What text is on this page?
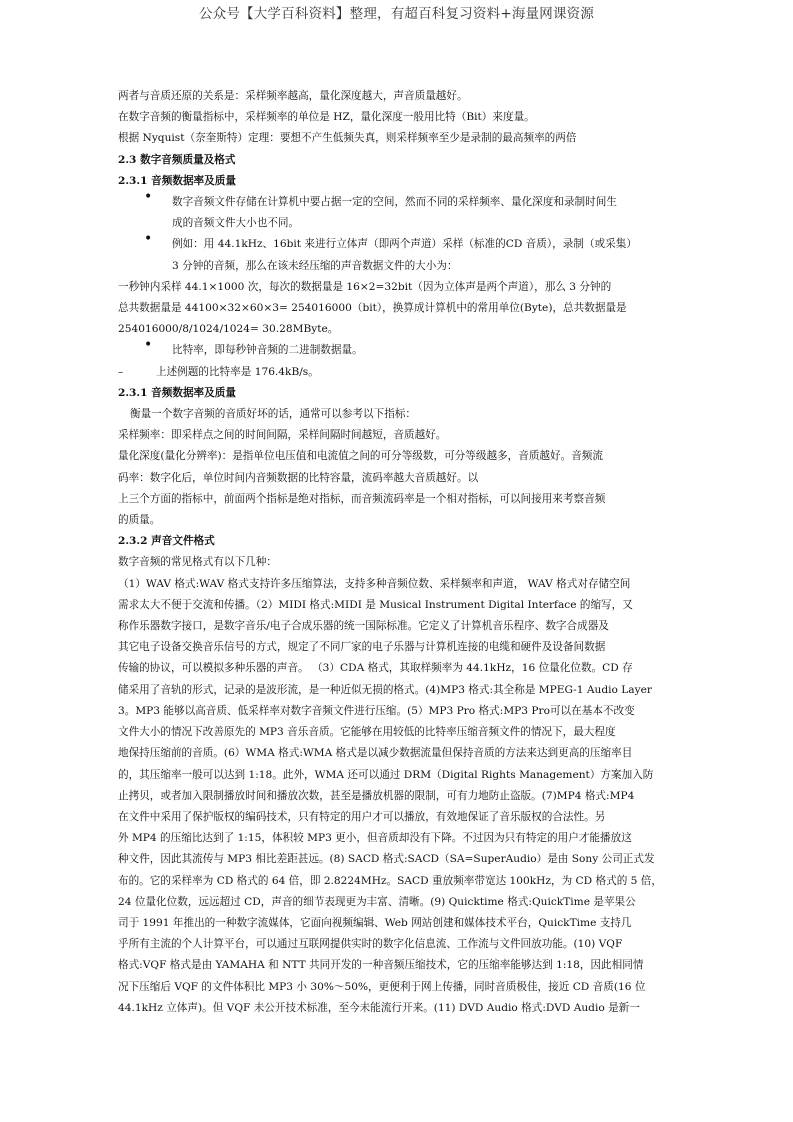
公众号【大学百科资料】整理，有超百科复习资料+海量网课资源
两者与音质还原的关系是：采样频率越高，量化深度越大，声音质量越好。
在数字音频的衡量指标中，采样频率的单位是 HZ，量化深度一般用比特（Bit）来度量。
根据 Nyquist（奈奎斯特）定理：要想不产生低频失真，则采样频率至少是录制的最高频率的两倍
2.3 数字音频质量及格式
2.3.1 音频数据率及质量
• 数字音频文件存储在计算机中要占据一定的空间，然而不同的采样频率、量化深度和录制时间生
成的音频文件大小也不同。
• 例如：用 44.1kHz、16bit 来进行立体声（即两个声道）采样（标准的CD 音质），录制（或采集）
3 分钟的音频，那么在该未经压缩的声音数据文件的大小为：
一秒钟内采样 44.1×1000 次，每次的数据量是 16×2=32bit（因为立体声是两个声道），那么 3 分钟的
总共数据量是 44100×32×60×3= 254016000（bit），换算成计算机中的常用单位(Byte)，总共数据量是
254016000/8/1024/1024= 30.28MByte。
• 比特率，即每秒钟音频的二进制数据量。
–	上述例题的比特率是 176.4kB/s。
2.3.1 音频数据率及质量
衡量一个数字音频的音质好坏的话，通常可以参考以下指标：
采样频率：即采样点之间的时间间隔，采样间隔时间越短，音质越好。
量化深度(量化分辨率)：是指单位电压值和电流值之间的可分等级数，可分等级越多，音质越好。音频流
码率：数字化后，单位时间内音频数据的比特容量，流码率越大音质越好。以
上三个方面的指标中，前面两个指标是绝对指标，而音频流码率是一个相对指标，可以间接用来考察音频
的质量。
2.3.2 声音文件格式
数字音频的常见格式有以下几种：
（1）WAV 格式:WAV 格式支持许多压缩算法，支持多种音频位数、采样频率和声道， WAV 格式对存储空间
需求太大不便于交流和传播。（2）MIDI 格式:MIDI 是 Musical Instrument Digital Interface 的缩写，又
称作乐器数字接口，是数字音乐/电子合成乐器的统一国际标准。它定义了计算机音乐程序、数字合成器及
其它电子设备交换音乐信号的方式，规定了不同厂家的电子乐器与计算机连接的电缆和硬件及设备间数据
传输的协议，可以模拟多种乐器的声音。 （3）CDA 格式，其取样频率为 44.1kHz，16 位量化位数。CD 存
储采用了音轨的形式，记录的是波形流，是一种近似无损的格式。(4)MP3 格式:其全称是 MPEG-1 Audio Layer
3。MP3 能够以高音质、低采样率对数字音频文件进行压缩。(5）MP3 Pro 格式:MP3 Pro可以在基本不改变
文件大小的情况下改善原先的 MP3 音乐音质。它能够在用较低的比特率压缩音频文件的情况下，最大程度
地保持压缩前的音质。(6）WMA 格式:WMA 格式是以减少数据流量但保持音质的方法来达到更高的压缩率目
的，其压缩率一般可以达到 1:18。此外，WMA 还可以通过 DRM（Digital Rights Management）方案加入防
止拷贝，或者加入限制播放时间和播放次数，甚至是播放机器的限制，可有力地防止盗版。(7)MP4 格式:MP4
在文件中采用了保护版权的编码技术，只有特定的用户才可以播放，有效地保证了音乐版权的合法性。另
外 MP4 的压缩比达到了 1:15，体积较 MP3 更小，但音质却没有下降。不过因为只有特定的用户才能播放这
种文件，因此其流传与 MP3 相比差距甚远。(8) SACD 格式:SACD（SA=SuperAudio）是由 Sony 公司正式发
布的。它的采样率为 CD 格式的 64 倍，即 2.8224MHz。SACD 重放频率带宽达 100kHz，为 CD 格式的 5 倍，
24 位量化位数，远远超过 CD，声音的细节表现更为丰富、清晰。(9) Quicktime 格式:QuickTime 是苹果公
司于 1991 年推出的一种数字流媒体，它面向视频编辑、Web 网站创建和媒体技术平台，QuickTime 支持几
乎所有主流的个人计算平台，可以通过互联网提供实时的数字化信息流、工作流与文件回放功能。(10) VQF
格式:VQF 格式是由 YAMAHA 和 NTT 共同开发的一种音频压缩技术，它的压缩率能够达到 1:18，因此相同情
况下压缩后 VQF 的文件体积比 MP3 小 30%～50%，更便利于网上传播，同时音质极佳，接近 CD 音质(16 位
44.1kHz 立体声)。但 VQF 未公开技术标准，至今未能流行开来。(11) DVD Audio 格式:DVD Audio 是新一
